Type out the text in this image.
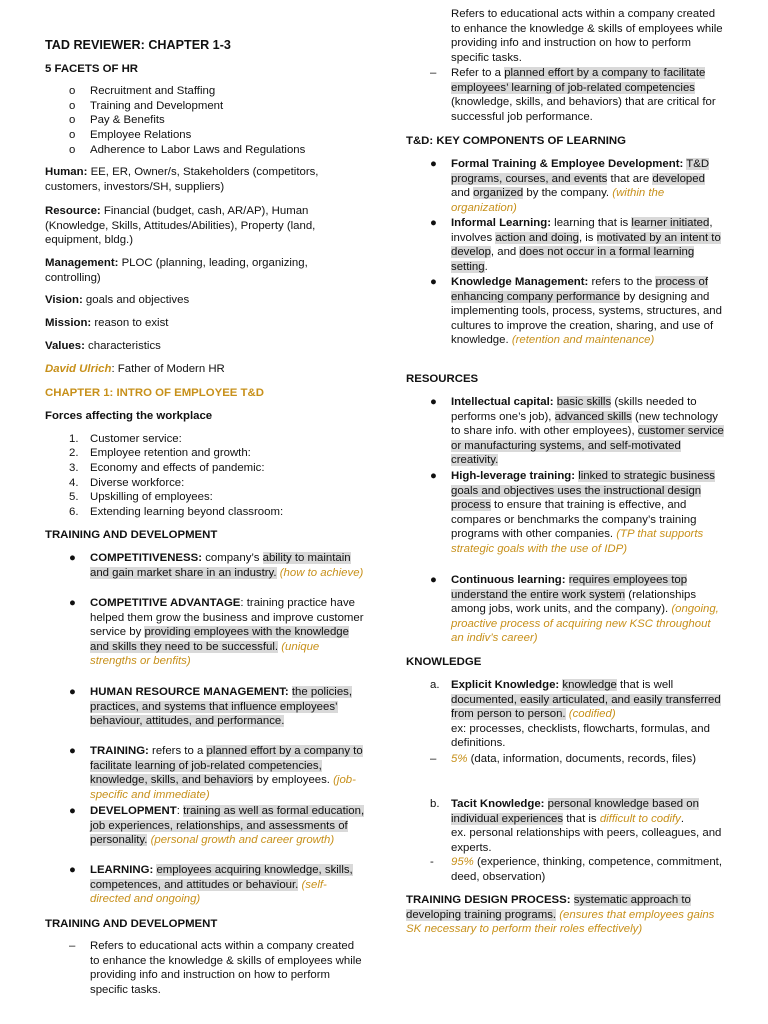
TAD REVIEWER: CHAPTER 1-3
5 FACETS OF HR
o Recruitment and Staffing
o Training and Development
o Pay & Benefits
o Employee Relations
o Adherence to Labor Laws and Regulations

Human: EE, ER, Owner/s, Stakeholders (competitors, customers, investors/SH, suppliers)

Resource: Financial (budget, cash, AR/AP), Human (Knowledge, Skills, Attitudes/Abilities), Property (land, equipment, bldg.)

Management: PLOC (planning, leading, organizing, controlling)

Vision: goals and objectives

Mission: reason to exist

Values: characteristics

David Ulrich: Father of Modern HR

CHAPTER 1: INTRO OF EMPLOYEE T&D
Forces affecting the workplace
1. Customer service:
2. Employee retention and growth:
3. Economy and effects of pandemic:
4. Diverse workforce:
5. Upskilling of employees:
6. Extending learning beyond classroom:
TRAINING AND DEVELOPMENT
● COMPETITIVENESS: company’s ability to maintain and gain market share in an industry. (how to achieve)
● COMPETITIVE ADVANTAGE: training practice have helped them grow the business and improve customer service by providing employees with the knowledge and skills they need to be successful. (unique strengths or benfits)
● HUMAN RESOURCE MANAGEMENT: the policies, practices, and systems that influence employees’ behaviour, attitudes, and performance.
● TRAINING: refers to a planned effort by a company to facilitate learning of job-related competencies, knowledge, skills, and behaviors by employees. (job-specific and immediate)
● DEVELOPMENT: training as well as formal education, job experiences, relationships, and assessments of personality. (personal growth and career growth)
● LEARNING: employees acquiring knowledge, skills, competences, and attitudes or behaviour. (self-directed and ongoing)
TRAINING AND DEVELOPMENT
– Refers to educational acts within a company created to enhance the knowledge & skills of employees while providing info and instruction on how to perform specific tasks.
Refers to educational acts within a company created to enhance the knowledge & skills of employees while providing info and instruction on how to perform specific tasks.
– Refer to a planned effort by a company to facilitate employees’ learning of job-related competencies (knowledge, skills, and behaviors) that are critical for successful job performance.
T&D: KEY COMPONENTS OF LEARNING
● Formal Training & Employee Development: T&D programs, courses, and events that are developed and organized by the company. (within the organization)
● Informal Learning: learning that is learner initiated, involves action and doing, is motivated by an intent to develop, and does not occur in a formal learning setting.
● Knowledge Management: refers to the process of enhancing company performance by designing and implementing tools, process, systems, structures, and cultures to improve the creation, sharing, and use of knowledge. (retention and maintenance)
RESOURCES
● Intellectual capital: basic skills (skills needed to performs one’s job), advanced skills (new technology to share info. with other employees), customer service or manufacturing systems, and self-motivated creativity.
● High-leverage training: linked to strategic business goals and objectives uses the instructional design process to ensure that training is effective, and compares or benchmarks the company’s training programs with other companies. (TP that supports strategic goals with the use of IDP)
● Continuous learning: requires employees top understand the entire work system (relationships among jobs, work units, and the company). (ongoing, proactive process of acquiring new KSC throughout an indiv’s career)
KNOWLEDGE
a. Explicit Knowledge: knowledge that is well documented, easily articulated, and easily transferred from person to person. (codified)
ex: processes, checklists, flowcharts, formulas, and definitions.
– 5% (data, information, documents, records, files)
b. Tacit Knowledge: personal knowledge based on individual experiences that is difficult to codify.
ex. personal relationships with peers, colleagues, and experts.
- 95% (experience, thinking, competence, commitment, deed, observation)

TRAINING DESIGN PROCESS: systematic approach to developing training programs. (ensures that employees gains SK necessary to perform their roles effectively)
